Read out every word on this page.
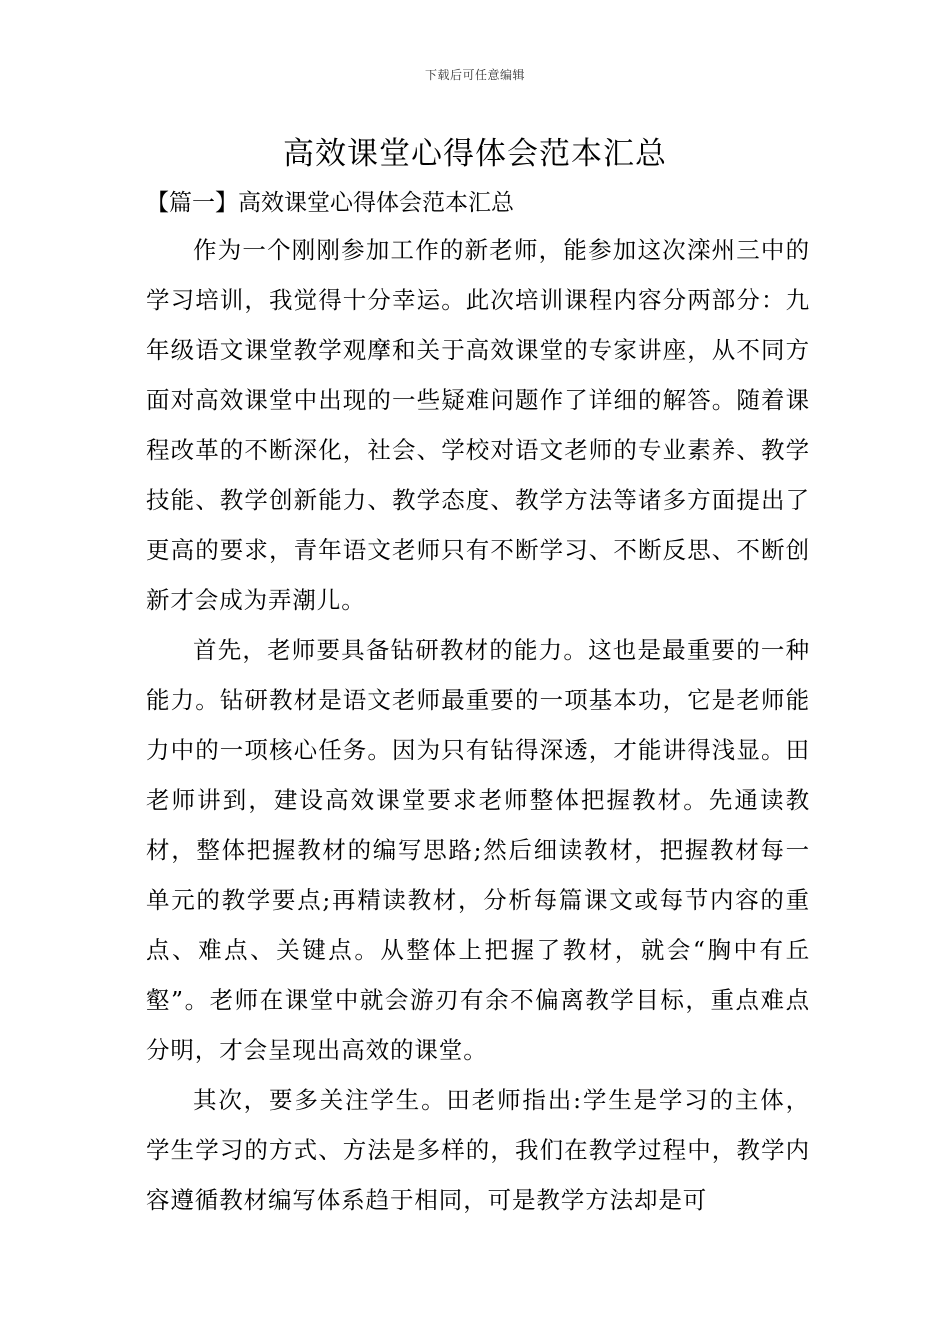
下载后可任意编辑
高效课堂心得体会范本汇总
【篇一】高效课堂心得体会范本汇总

作为一个刚刚参加工作的新老师，能参加这次滦州三中的学习培训，我觉得十分幸运。此次培训课程内容分两部分：九年级语文课堂教学观摩和关于高效课堂的专家讲座，从不同方面对高效课堂中出现的一些疑难问题作了详细的解答。随着课程改革的不断深化，社会、学校对语文老师的专业素养、教学技能、教学创新能力、教学态度、教学方法等诸多方面提出了更高的要求，青年语文老师只有不断学习、不断反思、不断创新才会成为弄潮儿。

首先，老师要具备钻研教材的能力。这也是最重要的一种能力。钻研教材是语文老师最重要的一项基本功，它是老师能力中的一项核心任务。因为只有钻得深透，才能讲得浅显。田老师讲到，建设高效课堂要求老师整体把握教材。先通读教材，整体把握教材的编写思路;然后细读教材，把握教材每一单元的教学要点;再精读教材，分析每篇课文或每节内容的重点、难点、关键点。从整体上把握了教材，就会“胸中有丘壑”。老师在课堂中就会游刃有余不偏离教学目标，重点难点分明，才会呈现出高效的课堂。

其次，要多关注学生。田老师指出:学生是学习的主体，学生学习的方式、方法是多样的，我们在教学过程中，教学内容遵循教材编写体系趋于相同，可是教学方法却是可
